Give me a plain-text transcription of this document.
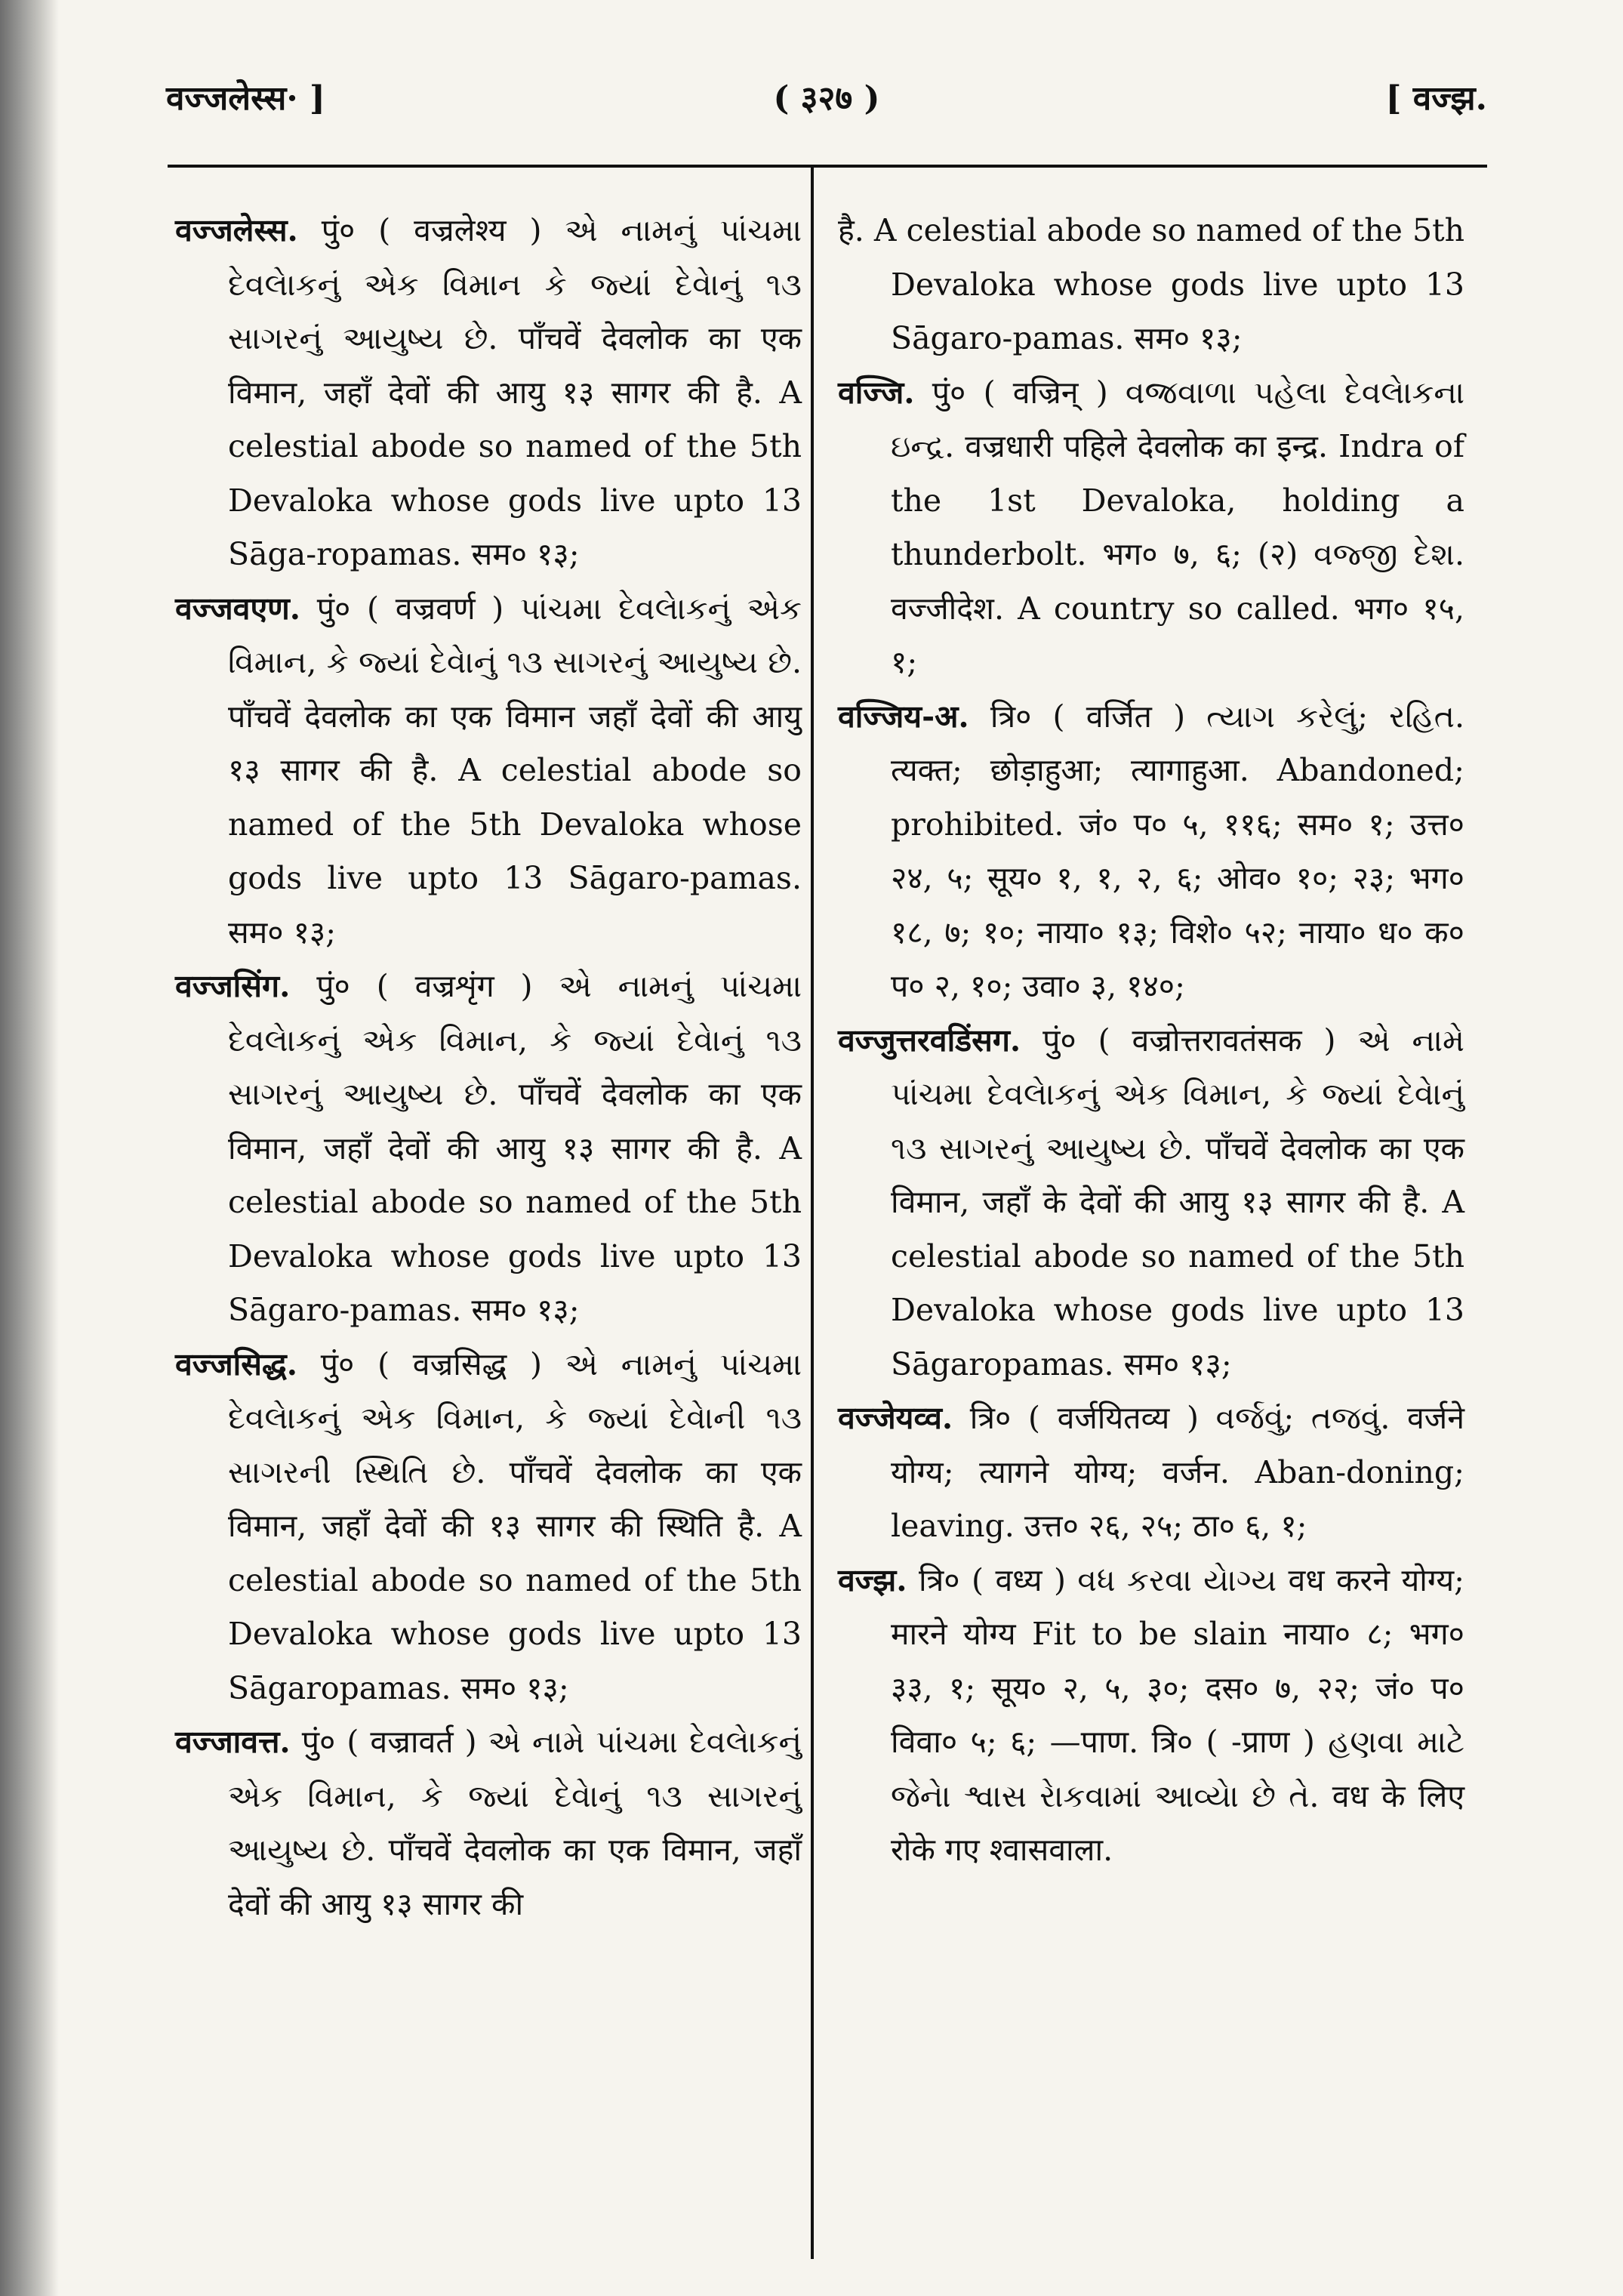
वज्जलेस्स· ]	( ३२७ )	[ वज्झ.

वज्जलेस्स. पुं० ( वज्रलेश्य ) એ નામનું પાંચમા દેવલેાકનું એક વિમાન કે જ્યાં દેવેાનું ૧૩ સાગરનું આયુષ્ય છે. पाँचवें देवलोक का एक विमान, जहाँ देवों की आयु १३ सागर की है. A celestial abode so named of the 5th Devaloka whose gods live upto 13 Sāga-ropamas. सम० १३;

वज्जवएण. पुं० ( वज्रवर्ण ) પાંચમા દેવલેાકનું એક વિમાન, કે જ્યાં દેવેાનું ૧૩ સાગરનું આયુષ્ય છે. पाँचवें देवलोक का एक विमान जहाँ देवों की आयु १३ सागर की है. A celestial abode so named of the 5th Devaloka whose gods live upto 13 Sāgaro-pamas. सम० १३;

वज्जसिंग. पुं० ( वज्रशृंग ) એ નામનું પાંચમા દેવલેાકનું એક વિમાન, કે જ્યાં દેવેાનું ૧૩ સાગરનું આયુષ્ય છે. पाँचवें देवलोक का एक विमान, जहाँ देवों की आयु १३ सागर की है. A celestial abode so named of the 5th Devaloka whose gods live upto 13 Sāgaro-pamas. सम० १३;

वज्जसिद्ध. पुं० ( वज्रसिद्ध ) એ નામનું પાંચમા દેવલેાકનું એક વિમાન, કે જ્યાં દેવેાની ૧૩ સાગરની સ્થિતિ છે. पाँचवें देवलोक का एक विमान, जहाँ देवों की १३ सागर की स्थिति है. A celestial abode so named of the 5th Devaloka whose gods live upto 13 Sāgaropamas. सम० १३;

वज्जावत्त. पुं० ( वज्रावर्त ) એ નામે પાંચમા દેવલેાકનું એક વિમાન, કે જ્યાં દેવેાનું ૧૩ સાગરનું આયુષ્ય છે. पाँचवें देवलोक का एक विमान, जहाँ देवों की आयु १३ सागर की

है. A celestial abode so named of the 5th Devaloka whose gods live upto 13 Sāgaro-pamas. सम० १३;

वज्जि. पुं० ( वज्रिन् ) વજ્રવાળા પહેલા દેવલેાકના ઇન્દ્ર. वज्रधारी पहिले देवलोक का इन्द्र. Indra of the 1st Devaloka, holding a thunderbolt. भग० ७, ६; (२) વજ્જી દેશ. वज्जीदेश. A country so called. भग० १५, १;

वज्जिय-अ. त्रि० ( वर्जित ) ત્યાગ કરેલું; રહિત. त्यक्त; छोड़ाहुआ; त्यागाहुआ. Abandoned; prohibited. जं० प० ५, ११६; सम० १; उत्त० २४, ५; सूय० १, १, २, ६; ओव० १०; २३; भग० १८, ७; १०; नाया० १३; विशे० ५२; नाया० ध० क० प० २, १०; उवा० ३, १४०;

वज्जुत्तरवडिंसग. पुं० ( वज्रोत्तरावतंसक ) એ નામે પાંચમા દેવલેાકનું એક વિમાન, કે જ્યાં દેવેાનું ૧૩ સાગરનું આયુષ્ય છે. पाँचवें देवलोक का एक विमान, जहाँ के देवों की आयु १३ सागर की है. A celestial abode so named of the 5th Devaloka whose gods live upto 13 Sāgaropamas. सम० १३;

वज्जेयव्व. त्रि० ( वर्जयितव्य ) વર્જવું; તજવું. वर्जने योग्य; त्यागने योग्य; वर्जन. Aban-doning; leaving. उत्त० २६, २५; ठा० ६, १;

वज्झ. त्रि० ( वध्य ) વધ કરવા યેાગ્ય वध करने योग्य; मारने योग्य Fit to be slain नाया० ८; भग० ३३, १; सूय० २, ५, ३०; दस० ७, २२; जं० प० विवा० ५; ६; —पाण. त्रि० ( -प्राण ) હણવા માટે જેનેા શ્વાસ રેાકવામાં આવ્યેા છે તે. वध के लिए रोके गए श्वासवाला.
